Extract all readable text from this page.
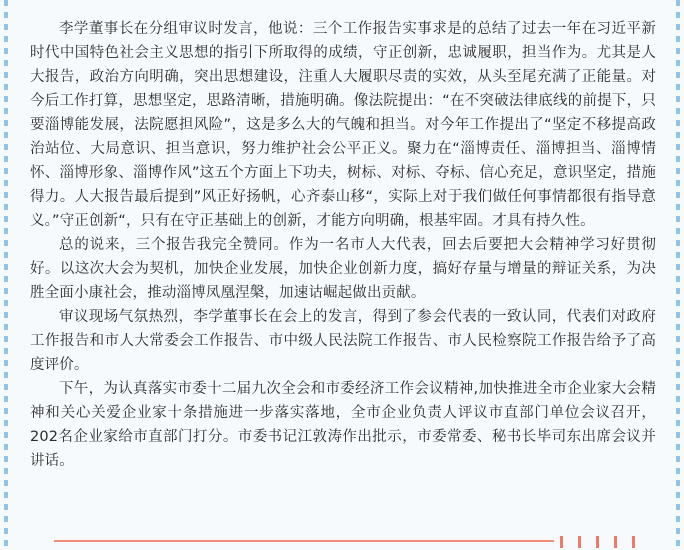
李学董事长在分组审议时发言，他说：三个工作报告实事求是的总结了过去一年在习近平新时代中国特色社会主义思想的指引下所取得的成绩，守正创新，忠诚履职，担当作为。尤其是人大报告，政治方向明确，突出思想建设，注重人大履职尽责的实效，从头至尾充满了正能量。对今后工作打算，思想坚定，思路清晰，措施明确。像法院提出：“在不突破法律底线的前提下，只要淄博能发展，法院愿担风险”，这是多么大的气魄和担当。对今年工作提出了“坚定不移提高政治站位、大局意识、担当意识，努力维护社会公平正义。聚力在“淄博责任、淄博担当、淄博情怀、淄博形象、淄博作风”这五个方面上下功夫，树标、对标、夺标、信心充足，意识坚定，措施得力。人大报告最后提到”风正好扬帆，心齐泰山移“，实际上对于我们做任何事情都很有指导意义。”守正创新“，只有在守正基础上的创新，才能方向明确，根基牢固。才具有持久性。

总的说来，三个报告我完全赞同。作为一名市人大代表，回去后要把大会精神学习好贯彻好。以这次大会为契机，加快企业发展，加快企业创新力度，搞好存量与增量的辩证关系，为决胜全面小康社会，推动淄博凤凰涅槃，加速诂崛起做出贡献。

审议现场气氛热烈，李学董事长在会上的发言，得到了参会代表的一致认同，代表们对政府工作报告和市人大常委会工作报告、市中级人民法院工作报告、市人民检察院工作报告给予了高度评价。

下午，为认真落实市委十二届九次全会和市委经济工作会议精神,加快推进全市企业家大会精神和关心关爱企业家十条措施进一步落实落地，全市企业负责人评议市直部门单位会议召开，202名企业家给市直部门打分。市委书记江敦涛作出批示，市委常委、秘书长毕司东出席会议并讲话。
